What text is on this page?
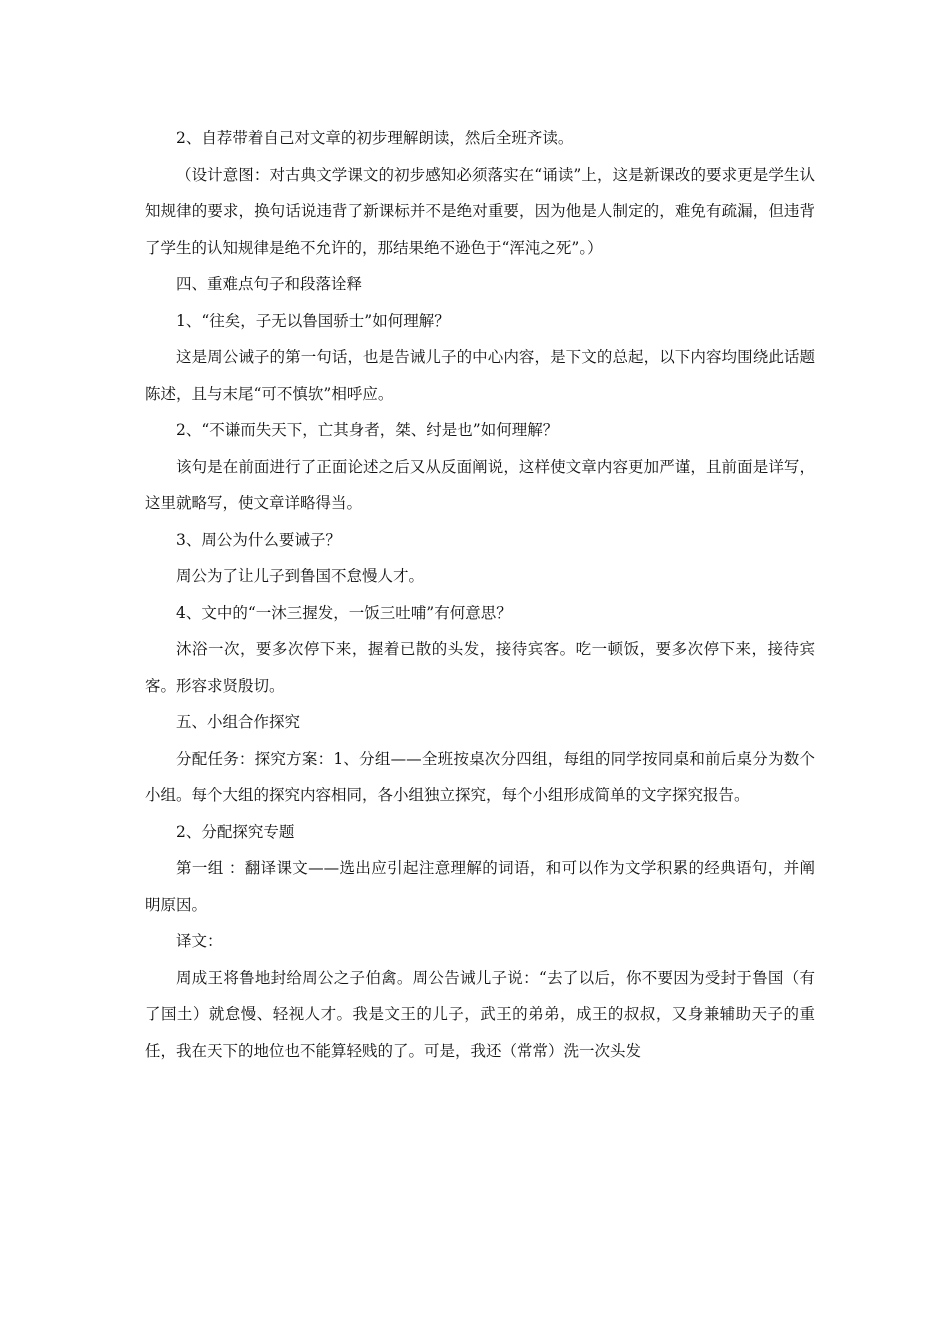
2、自荐带着自己对文章的初步理解朗读，然后全班齐读。

（设计意图：对古典文学课文的初步感知必须落实在“诵读”上，这是新课改的要求更是学生认知规律的要求，换句话说违背了新课标并不是绝对重要，因为他是人制定的，难免有疏漏，但违背了学生的认知规律是绝不允许的，那结果绝不逊色于“浑沌之死”。）

四、重难点句子和段落诠释

1、“往矣，子无以鲁国骄士”如何理解？

这是周公诫子的第一句话，也是告诫儿子的中心内容，是下文的总起，以下内容均围绕此话题陈述，且与末尾“可不慎欤”相呼应。

2、“不谦而失天下，亡其身者，桀、纣是也”如何理解？

该句是在前面进行了正面论述之后又从反面阐说，这样使文章内容更加严谨，且前面是详写，这里就略写，使文章详略得当。

3、周公为什么要诫子？

周公为了让儿子到鲁国不怠慢人才。

4、文中的“一沐三握发，一饭三吐哺”有何意思？

沐浴一次，要多次停下来，握着已散的头发，接待宾客。吃一顿饭，要多次停下来，接待宾客。形容求贤殷切。

五、小组合作探究

分配任务：探究方案：1、分组——全班按桌次分四组，每组的同学按同桌和前后桌分为数个小组。每个大组的探究内容相同，各小组独立探究，每个小组形成简单的文字探究报告。

2、分配探究专题

第一组 ：翻译课文——选出应引起注意理解的词语，和可以作为文学积累的经典语句，并阐明原因。

译文：

周成王将鲁地封给周公之子伯禽。周公告诫儿子说：“去了以后，你不要因为受封于鲁国（有了国土）就怠慢、轻视人才。我是文王的儿子，武王的弟弟，成王的叔叔，又身兼辅助天子的重任，我在天下的地位也不能算轻贱的了。可是，我还（常常）洗一次头发
